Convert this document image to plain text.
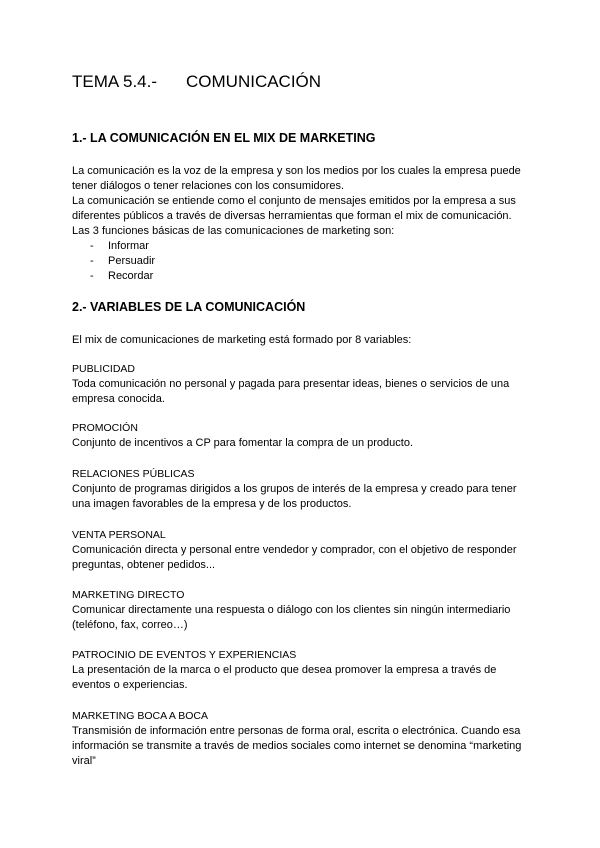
TEMA 5.4.- COMUNICACIÓN
1.- LA COMUNICACIÓN EN EL MIX DE MARKETING
La comunicación es la voz de la empresa y son los medios por los cuales la empresa puede
tener diálogos o tener relaciones con los consumidores.
La comunicación se entiende como el conjunto de mensajes emitidos por la empresa a sus
diferentes públicos a través de diversas herramientas que forman el mix de comunicación.
Las 3 funciones básicas de las comunicaciones de marketing son:
-	Informar
-	Persuadir
-	Recordar
2.- VARIABLES DE LA COMUNICACIÓN
El mix de comunicaciones de marketing está formado por 8 variables:
PUBLICIDAD
Toda comunicación no personal y pagada para presentar ideas, bienes o servicios de una
empresa conocida.
PROMOCIÓN
Conjunto de incentivos a CP para fomentar la compra de un producto.
RELACIONES PÚBLICAS
Conjunto de programas dirigidos a los grupos de interés de la empresa y creado para tener
una imagen favorables de la empresa y de los productos.
VENTA PERSONAL
Comunicación directa y personal entre vendedor y comprador, con el objetivo de responder
preguntas, obtener pedidos...
MARKETING DIRECTO
Comunicar directamente una respuesta o diálogo con los clientes sin ningún intermediario
(teléfono, fax, correo…)
PATROCINIO DE EVENTOS Y EXPERIENCIAS
La presentación de la marca o el producto que desea promover la empresa a través de
eventos o experiencias.
MARKETING BOCA A BOCA
Transmisión de información entre personas de forma oral, escrita o electrónica. Cuando esa
información se transmite a través de medios sociales como internet se denomina “marketing
viral”
